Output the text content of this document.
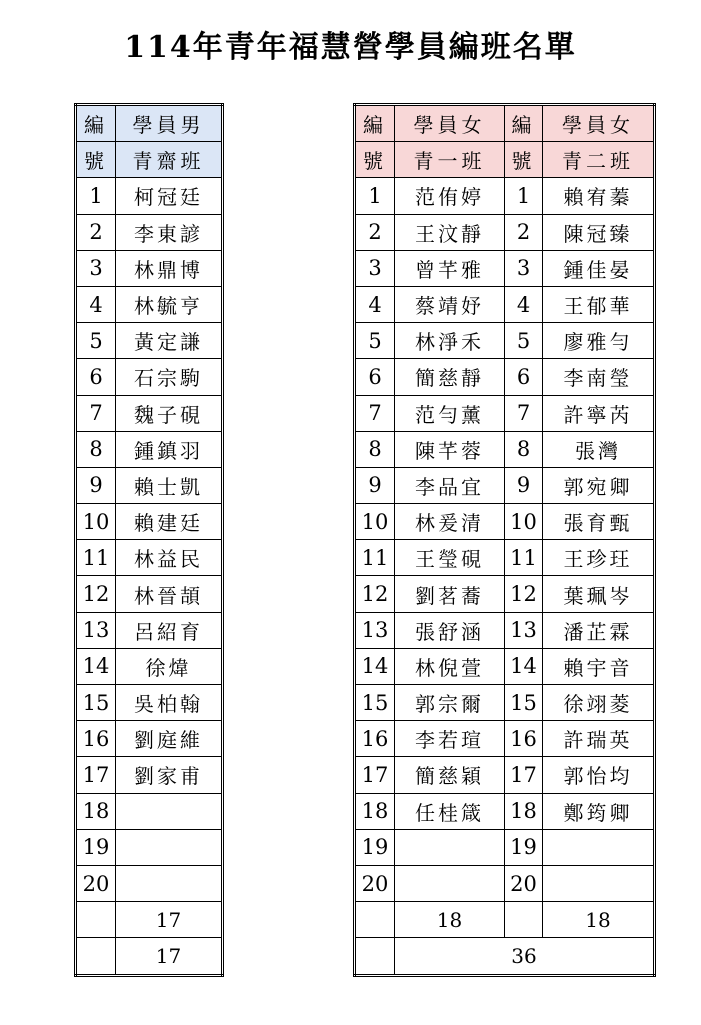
114年青年福慧營學員編班名單
編	學員男
號	青齋班
1	柯冠廷
2	李東諺
3	林鼎博
4	林毓亨
5	黃定謙
6	石宗駒
7	魏子硯
8	鍾鎮羽
9	賴士凱
10	賴建廷
11	林益民
12	林晉頡
13	呂紹育
14	徐煒
15	吳柏翰
16	劉庭維
17	劉家甫
18	
19	
20	
	17
	17
編	學員女	編	學員女
號	青一班	號	青二班
1	范侑婷	1	賴宥蓁
2	王汶靜	2	陳冠臻
3	曾芊雅	3	鍾佳晏
4	蔡靖妤	4	王郁華
5	林淨禾	5	廖雅勻
6	簡慈靜	6	李南瑩
7	范勻薰	7	許寧芮
8	陳芊蓉	8	張灣
9	李品宜	9	郭宛卿
10	林爰清	10	張育甄
11	王瑩硯	11	王珍玨
12	劉茗蕎	12	葉珮岑
13	張舒涵	13	潘芷霖
14	林倪萱	14	賴宇音
15	郭宗爾	15	徐翊菱
16	李若瑄	16	許瑞英
17	簡慈穎	17	郭怡均
18	任桂箴	18	鄭筠卿
19		19	
20		20	
	18		18
	36		
